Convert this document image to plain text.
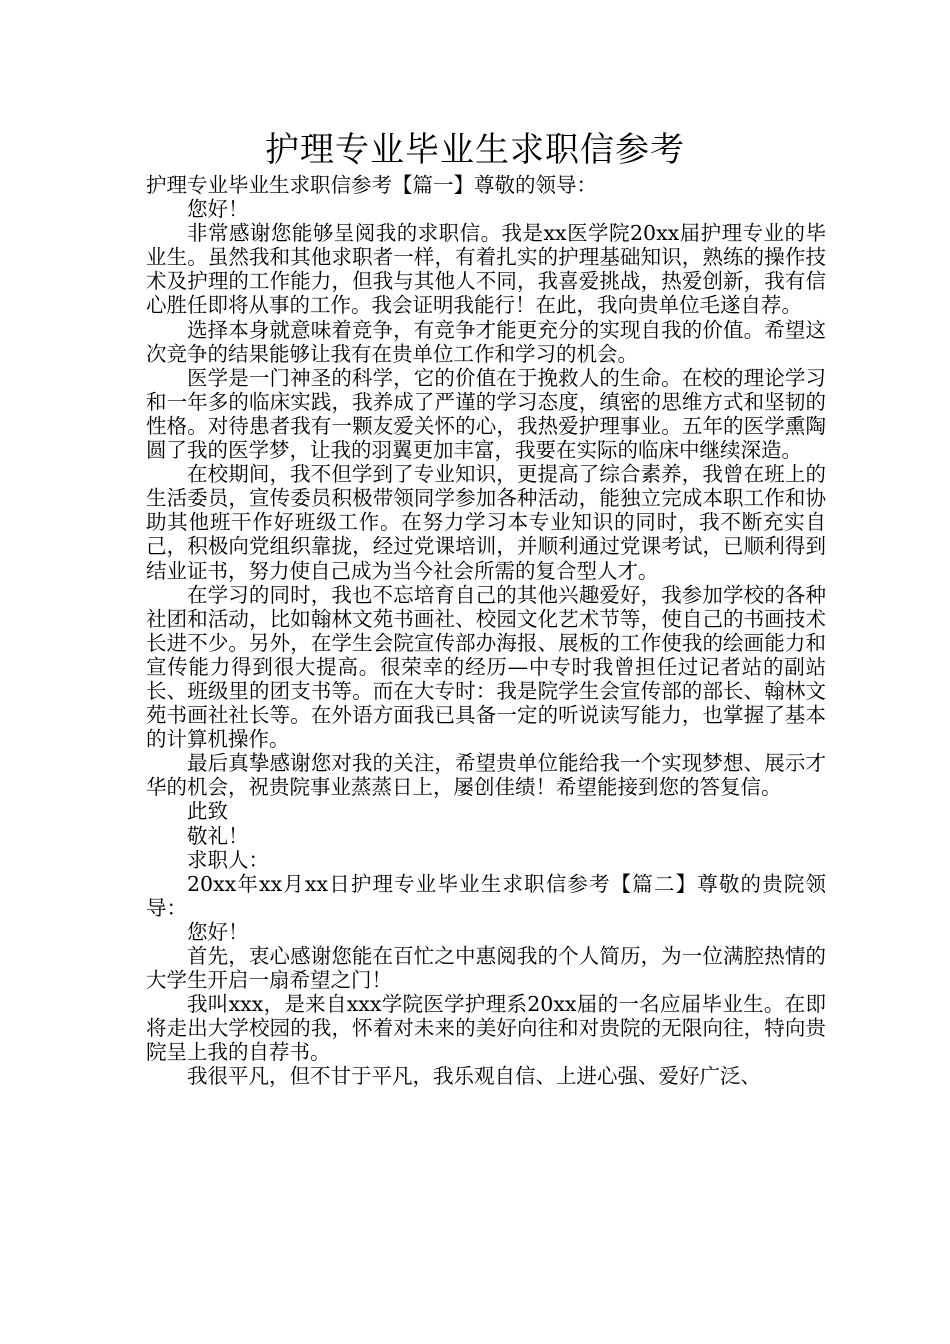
护理专业毕业生求职信参考

护理专业毕业生求职信参考【篇一】尊敬的领导：

您好！

非常感谢您能够呈阅我的求职信。我是xx医学院20xx届护理专业的毕业生。虽然我和其他求职者一样，有着扎实的护理基础知识，熟练的操作技术及护理的工作能力，但我与其他人不同，我喜爱挑战，热爱创新，我有信心胜任即将从事的工作。我会证明我能行！在此，我向贵单位毛遂自荐。

选择本身就意味着竞争，有竞争才能更充分的实现自我的价值。希望这次竞争的结果能够让我有在贵单位工作和学习的机会。

医学是一门神圣的科学，它的价值在于挽救人的生命。在校的理论学习和一年多的临床实践，我养成了严谨的学习态度，缜密的思维方式和坚韧的性格。对待患者我有一颗友爱关怀的心，我热爱护理事业。五年的医学熏陶圆了我的医学梦，让我的羽翼更加丰富，我要在实际的临床中继续深造。

在校期间，我不但学到了专业知识，更提高了综合素养，我曾在班上的生活委员，宣传委员积极带领同学参加各种活动，能独立完成本职工作和协助其他班干作好班级工作。在努力学习本专业知识的同时，我不断充实自己，积极向党组织靠拢，经过党课培训，并顺利通过党课考试，已顺利得到结业证书，努力使自己成为当今社会所需的复合型人才。

在学习的同时，我也不忘培育自己的其他兴趣爱好，我参加学校的各种社团和活动，比如翰林文苑书画社、校园文化艺术节等，使自己的书画技术长进不少。另外，在学生会院宣传部办海报、展板的工作使我的绘画能力和宣传能力得到很大提高。很荣幸的经历—中专时我曾担任过记者站的副站长、班级里的团支书等。而在大专时：我是院学生会宣传部的部长、翰林文苑书画社社长等。在外语方面我已具备一定的听说读写能力，也掌握了基本的计算机操作。

最后真挚感谢您对我的关注，希望贵单位能给我一个实现梦想、展示才华的机会，祝贵院事业蒸蒸日上，屡创佳绩！希望能接到您的答复信。

此致

敬礼！

求职人：

20xx年xx月xx日护理专业毕业生求职信参考【篇二】尊敬的贵院领导：

您好！

首先，衷心感谢您能在百忙之中惠阅我的个人简历，为一位满腔热情的大学生开启一扇希望之门！

我叫xxx，是来自xxx学院医学护理系20xx届的一名应届毕业生。在即将走出大学校园的我，怀着对未来的美好向往和对贵院的无限向往，特向贵院呈上我的自荐书。

我很平凡，但不甘于平凡，我乐观自信、上进心强、爱好广泛、
